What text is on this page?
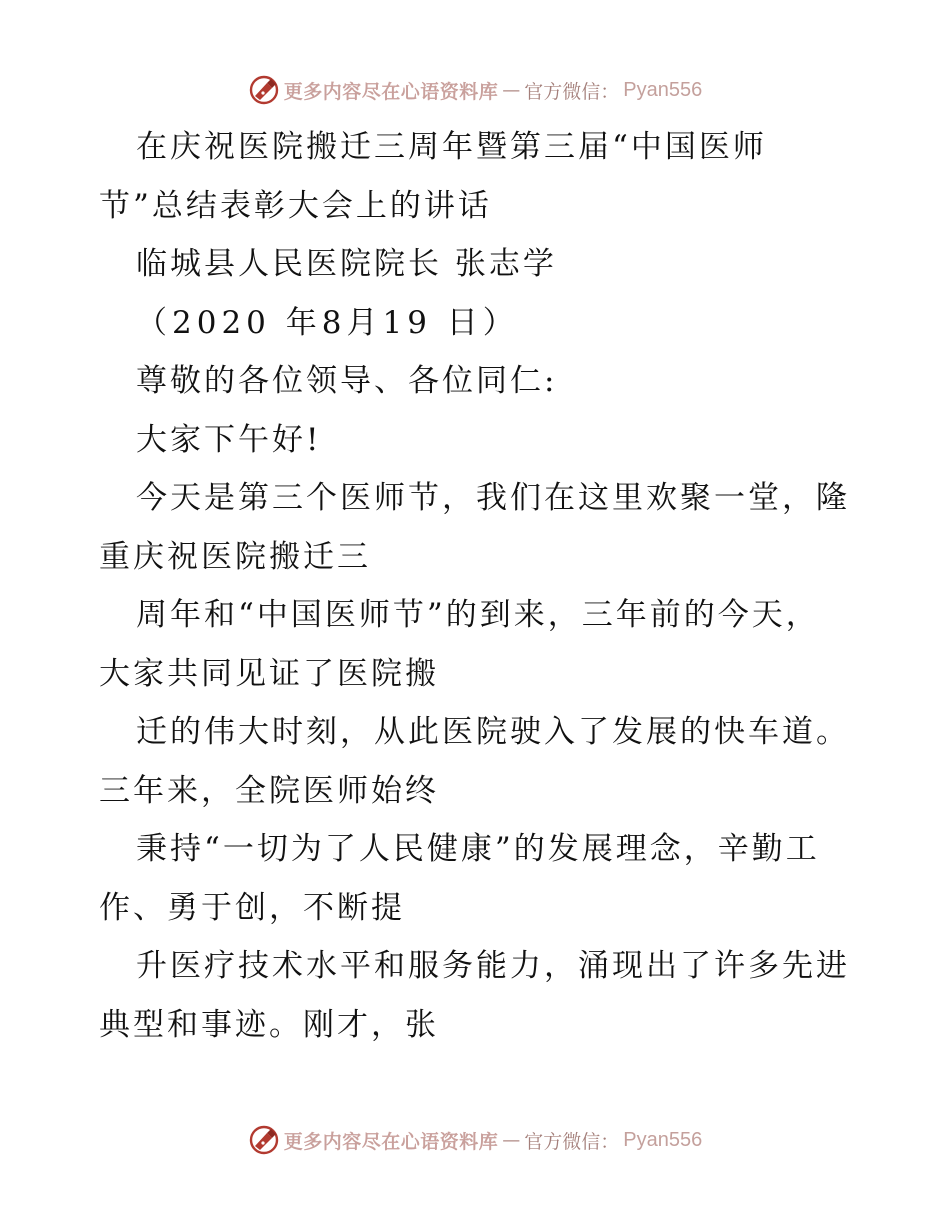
更多内容尽在心语资料库 — 官方微信： Pyan556
在庆祝医院搬迁三周年暨第三届“中国医师
节”总结表彰大会上的讲话
临城县人民医院院长 张志学
（2020 年8月19 日）
尊敬的各位领导、各位同仁:
大家下午好!
今天是第三个医师节，我们在这里欢聚一堂，隆
重庆祝医院搬迁三
周年和“中国医师节”的到来，三年前的今天，
大家共同见证了医院搬
迁的伟大时刻，从此医院驶入了发展的快车道。
三年来，全院医师始终
秉持“一切为了人民健康”的发展理念，辛勤工
作、勇于创，不断提
升医疗技术水平和服务能力，涌现出了许多先进
典型和事迹。刚才，张
更多内容尽在心语资料库 — 官方微信： Pyan556
